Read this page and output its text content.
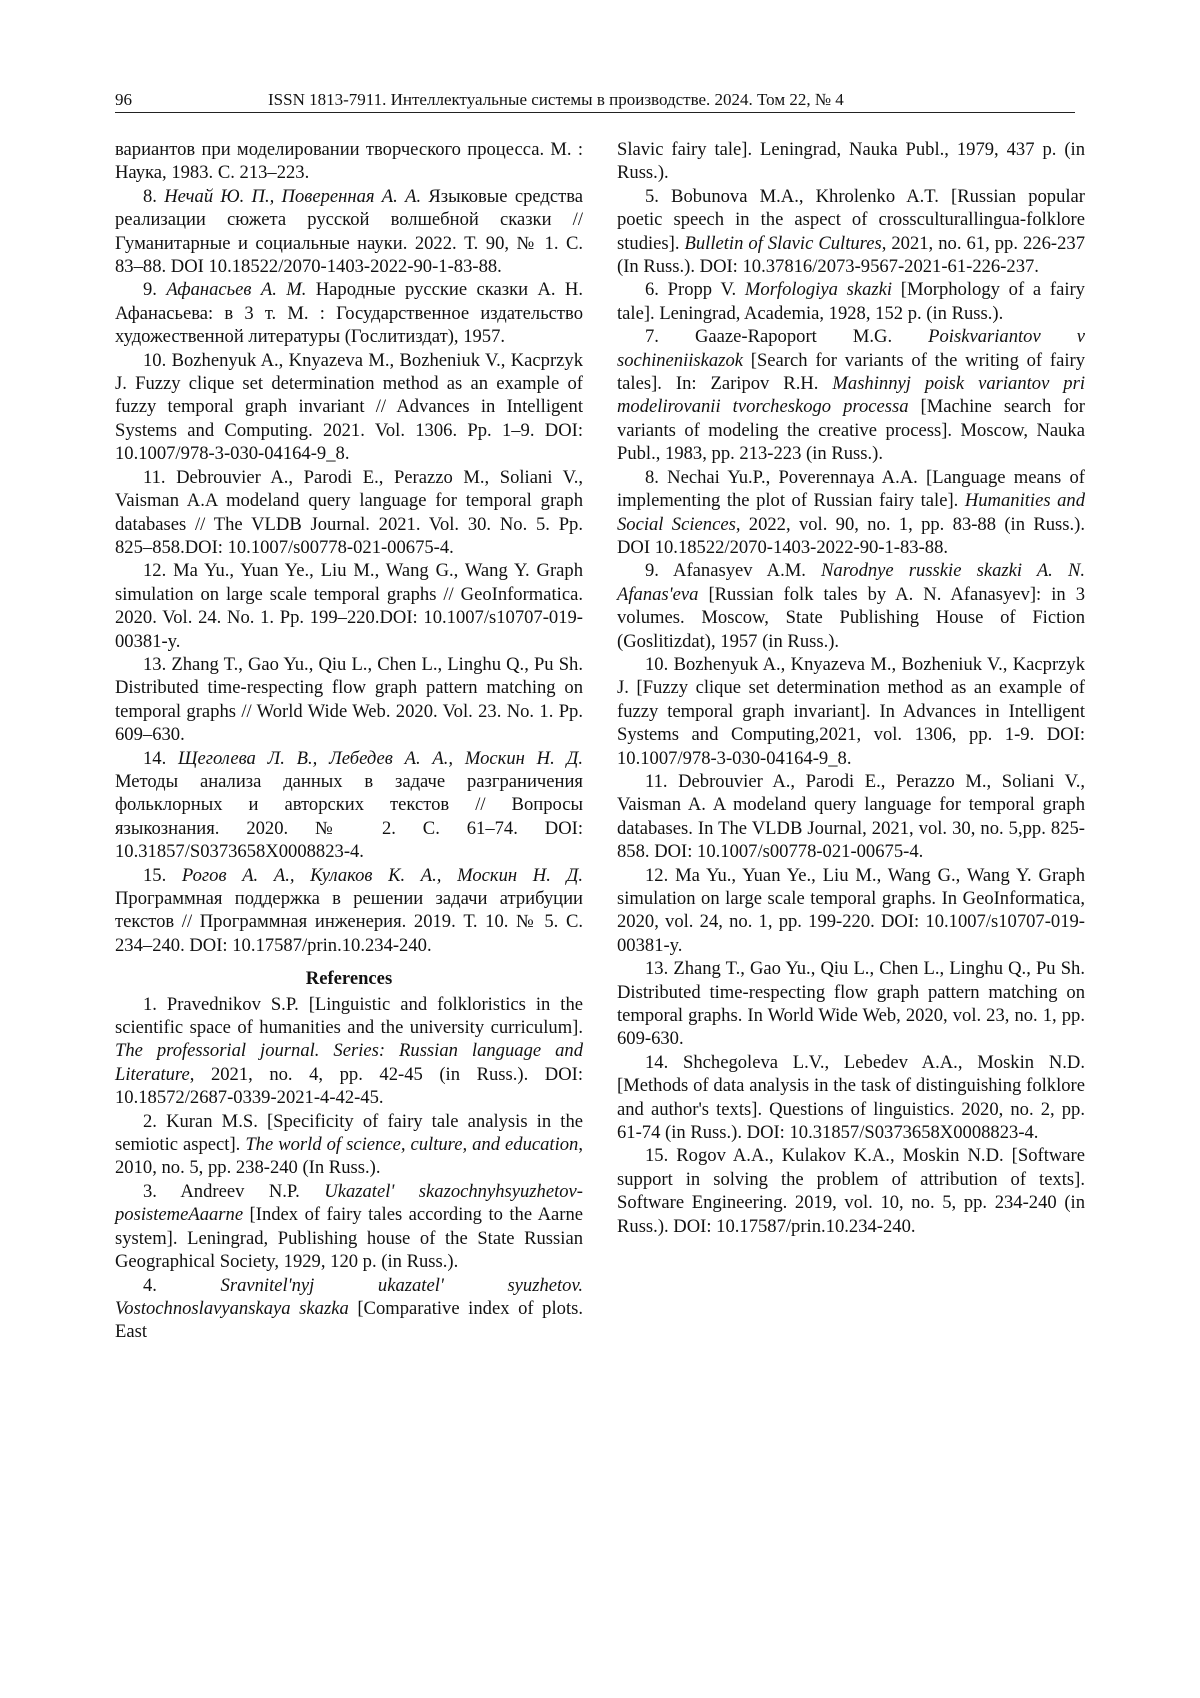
96	ISSN 1813-7911. Интеллектуальные системы в производстве. 2024. Том 22, № 4

вариантов при моделировании творческого процесса. М. : Наука, 1983. С. 213–223.

8. Нечай Ю. П., Поверенная А. А. Языковые средства реализации сюжета русской волшебной сказки // Гуманитарные и социальные науки. 2022. Т. 90, № 1. С. 83–88. DOI 10.18522/2070-1403-2022-90-1-83-88.

9. Афанасьев А. М. Народные русские сказки А. Н. Афанасьева: в 3 т. М. : Государственное издательство художественной литературы (Гослитиздат), 1957.

10. Bozhenyuk A., Knyazeva M., Bozheniuk V., Kacprzyk J. Fuzzy clique set determination method as an example of fuzzy temporal graph invariant // Advances in Intelligent Systems and Computing. 2021. Vol. 1306. Pp. 1–9. DOI: 10.1007/978-3-030-04164-9_8.

11. Debrouvier A., Parodi E., Perazzo M., Soliani V., Vaisman A.A modeland query language for temporal graph databases // The VLDB Journal. 2021. Vol. 30. No. 5. Pp. 825–858.DOI: 10.1007/s00778-021-00675-4.

12. Ma Yu., Yuan Ye., Liu M., Wang G., Wang Y. Graph simulation on large scale temporal graphs // GeoInformatica. 2020. Vol. 24. No. 1. Pp. 199–220.DOI: 10.1007/s10707-019-00381-y.

13. Zhang T., Gao Yu., Qiu L., Chen L., Linghu Q., Pu Sh. Distributed time-respecting flow graph pattern matching on temporal graphs // World Wide Web. 2020. Vol. 23. No. 1. Pp. 609–630.

14. Щеголева Л. В., Лебедев А. А., Москин Н. Д. Методы анализа данных в задаче разграничения фольклорных и авторских текстов // Вопросы языкознания. 2020. № 2. С. 61–74. DOI: 10.31857/S0373658X0008823-4.

15. Рогов А. А., Кулаков К. А., Москин Н. Д. Программная поддержка в решении задачи атрибуции текстов // Программная инженерия. 2019. Т. 10. № 5. С. 234–240. DOI: 10.17587/prin.10.234-240.

References

1. Pravednikov S.P. [Linguistic and folkloristics in the scientific space of humanities and the university curriculum]. The professorial journal. Series: Russian language and Literature, 2021, no. 4, pp. 42-45 (in Russ.). DOI: 10.18572/2687-0339-2021-4-42-45.

2. Kuran M.S. [Specificity of fairy tale analysis in the semiotic aspect]. The world of science, culture, and education, 2010, no. 5, pp. 238-240 (In Russ.).

3. Andreev N.P. Ukazatel' skazochnyhsyuzhetov-posistemeAaarne [Index of fairy tales according to the Aarne system]. Leningrad, Publishing house of the State Russian Geographical Society, 1929, 120 p. (in Russ.).

4. Sravnitel'nyj ukazatel' syuzhetov. Vostochnoslavyanskaya skazka [Comparative index of plots. East

Slavic fairy tale]. Leningrad, Nauka Publ., 1979, 437 p. (in Russ.).

5. Bobunova M.A., Khrolenko A.T. [Russian popular poetic speech in the aspect of crossculturallingua-folklore studies]. Bulletin of Slavic Cultures, 2021, no. 61, pp. 226-237 (In Russ.). DOI: 10.37816/2073-9567-2021-61-226-237.

6. Propp V. Morfologiya skazki [Morphology of a fairy tale]. Leningrad, Academia, 1928, 152 p. (in Russ.).

7. Gaaze-Rapoport M.G. Poiskvariantov v sochineniiskazok [Search for variants of the writing of fairy tales]. In: Zaripov R.H. Mashinnyj poisk variantov pri modelirovanii tvorcheskogo processa [Machine search for variants of modeling the creative process]. Moscow, Nauka Publ., 1983, pp. 213-223 (in Russ.).

8. Nechai Yu.P., Poverennaya A.A. [Language means of implementing the plot of Russian fairy tale]. Humanities and Social Sciences, 2022, vol. 90, no. 1, pp. 83-88 (in Russ.). DOI 10.18522/2070-1403-2022-90-1-83-88.

9. Afanasyev A.M. Narodnye russkie skazki A. N. Afanas'eva [Russian folk tales by A. N. Afanasyev]: in 3 volumes. Moscow, State Publishing House of Fiction (Goslitizdat), 1957 (in Russ.).

10. Bozhenyuk A., Knyazeva M., Bozheniuk V., Kacprzyk J. [Fuzzy clique set determination method as an example of fuzzy temporal graph invariant]. In Advances in Intelligent Systems and Computing,2021, vol. 1306, pp. 1-9. DOI: 10.1007/978-3-030-04164-9_8.

11. Debrouvier A., Parodi E., Perazzo M., Soliani V., Vaisman A. A modeland query language for temporal graph databases. In The VLDB Journal, 2021, vol. 30, no. 5,pp. 825-858. DOI: 10.1007/s00778-021-00675-4.

12. Ma Yu., Yuan Ye., Liu M., Wang G., Wang Y. Graph simulation on large scale temporal graphs. In GeoInformatica, 2020, vol. 24, no. 1, pp. 199-220. DOI: 10.1007/s10707-019-00381-y.

13. Zhang T., Gao Yu., Qiu L., Chen L., Linghu Q., Pu Sh. Distributed time-respecting flow graph pattern matching on temporal graphs. In World Wide Web, 2020, vol. 23, no. 1, pp. 609-630.

14. Shchegoleva L.V., Lebedev A.A., Moskin N.D. [Methods of data analysis in the task of distinguishing folklore and author's texts]. Questions of linguistics. 2020, no. 2, pp. 61-74 (in Russ.). DOI: 10.31857/S0373658X0008823-4.

15. Rogov A.A., Kulakov K.A., Moskin N.D. [Software support in solving the problem of attribution of texts]. Software Engineering. 2019, vol. 10, no. 5, pp. 234-240 (in Russ.). DOI: 10.17587/prin.10.234-240.
